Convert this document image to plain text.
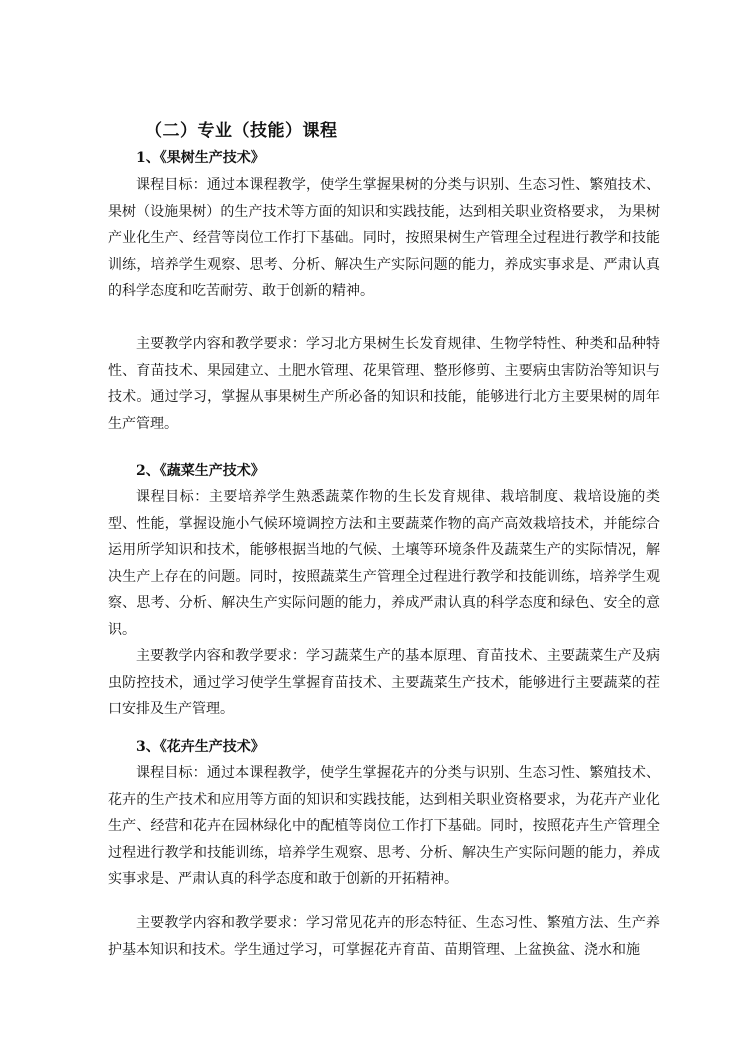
（二）专业（技能）课程
1、《果树生产技术》
课程目标：通过本课程教学，使学生掌握果树的分类与识别、生态习性、繁殖技术、果树（设施果树）的生产技术等方面的知识和实践技能，达到相关职业资格要求， 为果树产业化生产、经营等岗位工作打下基础。同时，按照果树生产管理全过程进行教学和技能训练，培养学生观察、思考、分析、解决生产实际问题的能力，养成实事求是、严肃认真的科学态度和吃苦耐劳、敢于创新的精神。
主要教学内容和教学要求：学习北方果树生长发育规律、生物学特性、种类和品种特性、育苗技术、果园建立、土肥水管理、花果管理、整形修剪、主要病虫害防治等知识与技术。通过学习，掌握从事果树生产所必备的知识和技能，能够进行北方主要果树的周年生产管理。
2、《蔬菜生产技术》
课程目标：主要培养学生熟悉蔬菜作物的生长发育规律、栽培制度、栽培设施的类型、性能，掌握设施小气候环境调控方法和主要蔬菜作物的高产高效栽培技术，并能综合运用所学知识和技术，能够根据当地的气候、土壤等环境条件及蔬菜生产的实际情况，解决生产上存在的问题。同时，按照蔬菜生产管理全过程进行教学和技能训练，培养学生观察、思考、分析、解决生产实际问题的能力，养成严肃认真的科学态度和绿色、安全的意识。
主要教学内容和教学要求：学习蔬菜生产的基本原理、育苗技术、主要蔬菜生产及病虫防控技术，通过学习使学生掌握育苗技术、主要蔬菜生产技术，能够进行主要蔬菜的茬口安排及生产管理。
3、《花卉生产技术》
课程目标：通过本课程教学，使学生掌握花卉的分类与识别、生态习性、繁殖技术、花卉的生产技术和应用等方面的知识和实践技能，达到相关职业资格要求，为花卉产业化生产、经营和花卉在园林绿化中的配植等岗位工作打下基础。同时，按照花卉生产管理全过程进行教学和技能训练，培养学生观察、思考、分析、解决生产实际问题的能力，养成实事求是、严肃认真的科学态度和敢于创新的开拓精神。
主要教学内容和教学要求：学习常见花卉的形态特征、生态习性、繁殖方法、生产养护基本知识和技术。学生通过学习，可掌握花卉育苗、苗期管理、上盆换盆、浇水和施
